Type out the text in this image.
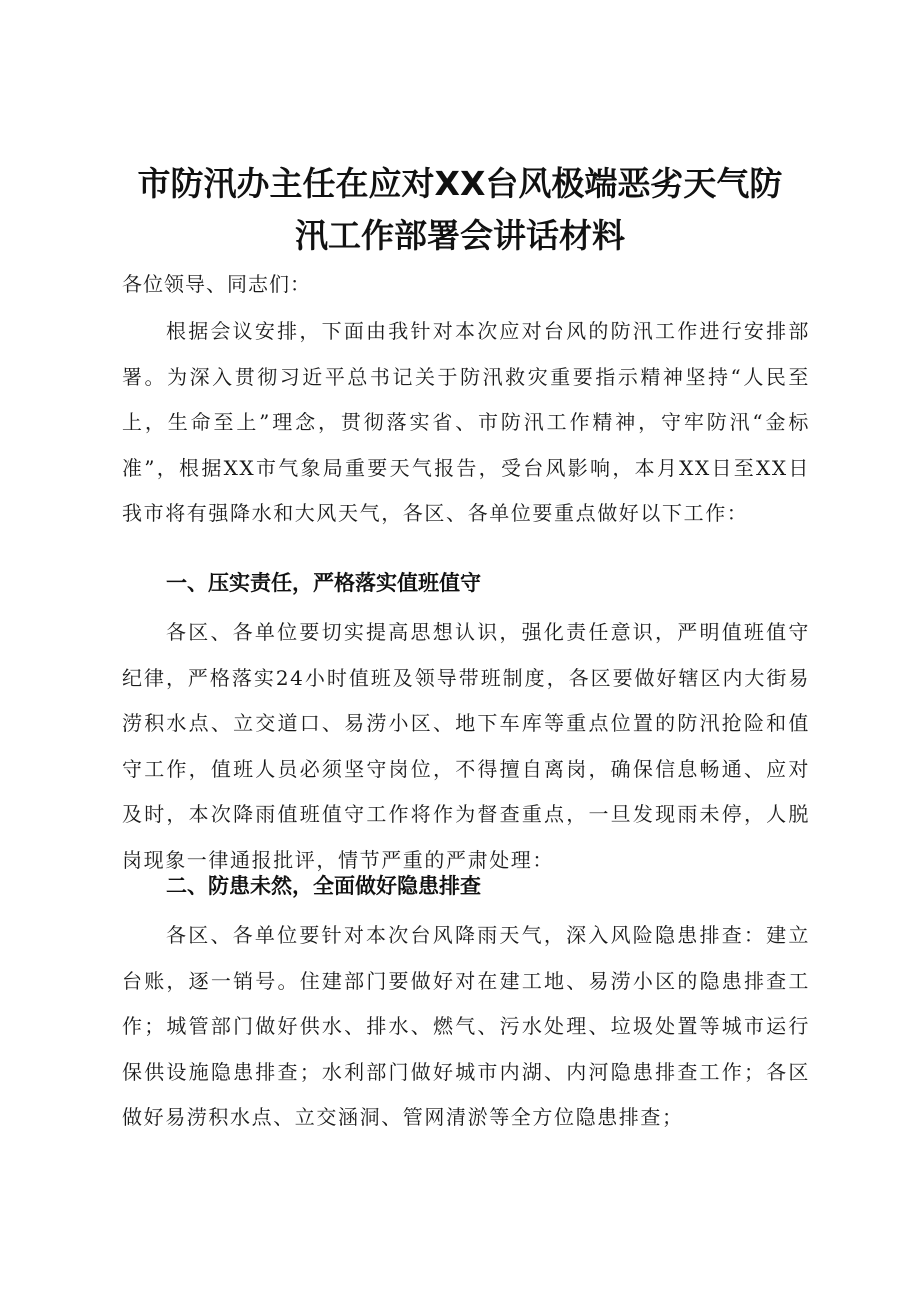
市防汛办主任在应对XX台风极端恶劣天气防
汛工作部署会讲话材料

各位领导、同志们：

根据会议安排，下面由我针对本次应对台风的防汛工作进行安排部署。为深入贯彻习近平总书记关于防汛救灾重要指示精神坚持“人民至上，生命至上”理念，贯彻落实省、市防汛工作精神，守牢防汛“金标准”，根据XX市气象局重要天气报告，受台风影响，本月XX日至XX日我市将有强降水和大风天气，各区、各单位要重点做好以下工作：

一、压实责任，严格落实值班值守

各区、各单位要切实提高思想认识，强化责任意识，严明值班值守纪律，严格落实24小时值班及领导带班制度，各区要做好辖区内大街易涝积水点、立交道口、易涝小区、地下车库等重点位置的防汛抢险和值守工作，值班人员必须坚守岗位，不得擅自离岗，确保信息畅通、应对及时，本次降雨值班值守工作将作为督查重点，一旦发现雨未停，人脱岗现象一律通报批评，情节严重的严肃处理：

二、防患未然，全面做好隐患排查

各区、各单位要针对本次台风降雨天气，深入风险隐患排查：建立台账，逐一销号。住建部门要做好对在建工地、易涝小区的隐患排查工作；城管部门做好供水、排水、燃气、污水处理、垃圾处置等城市运行保供设施隐患排查；水利部门做好城市内湖、内河隐患排查工作；各区做好易涝积水点、立交涵洞、管网清淤等全方位隐患排查；
